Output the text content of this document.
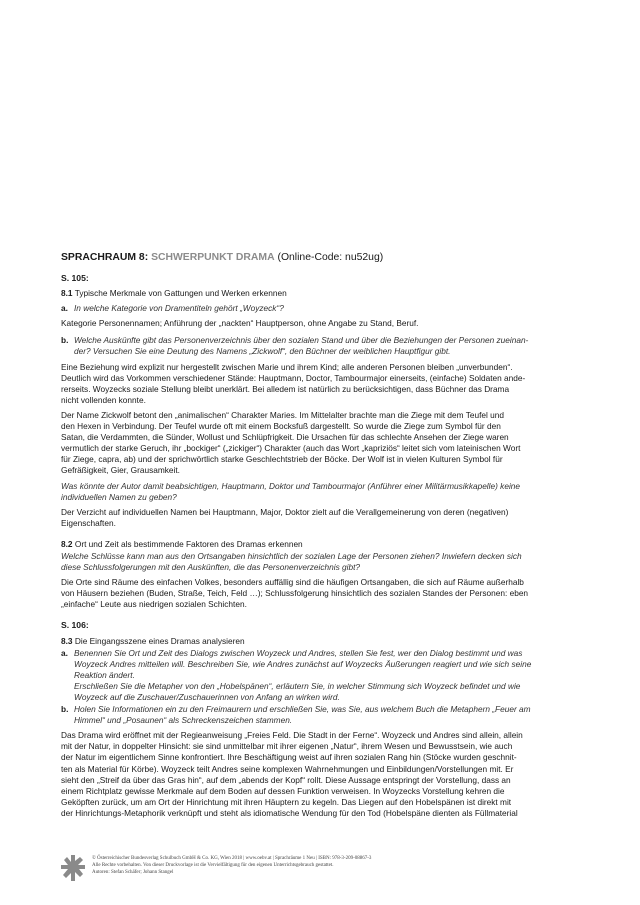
SPRACHRAUM 8: SCHWERPUNKT DRAMA (Online-Code: nu52ug)
S. 105:

8.1 Typische Merkmale von Gattungen und Werken erkennen

a. In welche Kategorie von Dramentiteln gehört „Woyzeck“?

Kategorie Personennamen; Anführung der „nackten“ Hauptperson, ohne Angabe zu Stand, Beruf.

b. Welche Auskünfte gibt das Personenverzeichnis über den sozialen Stand und über die Beziehungen der Personen zueinan-
der? Versuchen Sie eine Deutung des Namens „Zickwolf“, den Büchner der weiblichen Hauptfigur gibt.

Eine Beziehung wird explizit nur hergestellt zwischen Marie und ihrem Kind; alle anderen Personen bleiben „unverbunden“.
Deutlich wird das Vorkommen verschiedener Stände: Hauptmann, Doctor, Tambourmajor einerseits, (einfache) Soldaten ande-
rerseits. Woyzecks soziale Stellung bleibt unerklärt. Bei alledem ist natürlich zu berücksichtigen, dass Büchner das Drama
nicht vollenden konnte.

Der Name Zickwolf betont den „animalischen“ Charakter Maries. Im Mittelalter brachte man die Ziege mit dem Teufel und
den Hexen in Verbindung. Der Teufel wurde oft mit einem Bocksfuß dargestellt. So wurde die Ziege zum Symbol für den
Satan, die Verdammten, die Sünder, Wollust und Schlüpfrigkeit. Die Ursachen für das schlechte Ansehen der Ziege waren
vermutlich der starke Geruch, ihr „bockiger“ („zickiger“) Charakter (auch das Wort „kapriziös“ leitet sich vom lateinischen Wort
für Ziege, capra, ab) und der sprichwörtlich starke Geschlechtstrieb der Böcke. Der Wolf ist in vielen Kulturen Symbol für
Gefräßigkeit, Gier, Grausamkeit.

Was könnte der Autor damit beabsichtigen, Hauptmann, Doktor und Tambourmajor (Anführer einer Militärmusikkapelle) keine
individuellen Namen zu geben?

Der Verzicht auf individuellen Namen bei Hauptmann, Major, Doktor zielt auf die Verallgemeinerung von deren (negativen)
Eigenschaften.

8.2 Ort und Zeit als bestimmende Faktoren des Dramas erkennen

Welche Schlüsse kann man aus den Ortsangaben hinsichtlich der sozialen Lage der Personen ziehen? Inwiefern decken sich
diese Schlussfolgerungen mit den Auskünften, die das Personenverzeichnis gibt?

Die Orte sind Räume des einfachen Volkes, besonders auffällig sind die häufigen Ortsangaben, die sich auf Räume außerhalb
von Häusern beziehen (Buden, Straße, Teich, Feld …); Schlussfolgerung hinsichtlich des sozialen Standes der Personen: eben
„einfache“ Leute aus niedrigen sozialen Schichten.

S. 106:

8.3 Die Eingangsszene eines Dramas analysieren

a. Benennen Sie Ort und Zeit des Dialogs zwischen Woyzeck und Andres, stellen Sie fest, wer den Dialog bestimmt und was
Woyzeck Andres mitteilen will. Beschreiben Sie, wie Andres zunächst auf Woyzecks Äußerungen reagiert und wie sich seine
Reaktion ändert.
Erschließen Sie die Metapher von den „Hobelspänen“, erläutern Sie, in welcher Stimmung sich Woyzeck befindet und wie
Woyzeck auf die Zuschauer/Zuschauerinnen von Anfang an wirken wird.
b. Holen Sie Informationen ein zu den Freimaurern und erschließen Sie, was Sie, aus welchem Buch die Metaphern „Feuer am
Himmel“ und „Posaunen“ als Schreckenszeichen stammen.

Das Drama wird eröffnet mit der Regieanweisung „Freies Feld. Die Stadt in der Ferne“. Woyzeck und Andres sind allein, allein
mit der Natur, in doppelter Hinsicht: sie sind unmittelbar mit ihrer eigenen „Natur“, ihrem Wesen und Bewusstsein, wie auch
der Natur im eigentlichem Sinne konfrontiert. Ihre Beschäftigung weist auf ihren sozialen Rang hin (Stöcke wurden geschnit-
ten als Material für Körbe). Woyzeck teilt Andres seine komplexen Wahrnehmungen und Einbildungen/Vorstellungen mit. Er
sieht den „Streif da über das Gras hin“, auf dem „abends der Kopf“ rollt. Diese Aussage entspringt der Vorstellung, dass an
einem Richtplatz gewisse Merkmale auf dem Boden auf dessen Funktion verweisen. In Woyzecks Vorstellung kehren die
Geköpften zurück, um am Ort der Hinrichtung mit ihren Häuptern zu kegeln. Das Liegen auf den Hobelspänen ist direkt mit
der Hinrichtungs-Metaphorik verknüpft und steht als idiomatische Wendung für den Tod (Hobelspäne dienten als Füllmaterial

© Österreichischer Bundesverlag Schulbuch GmbH & Co. KG, Wien 2018 | www.oebv.at | Sprachräume 1 Neu | ISBN: 978-3-209-08867-3
Alle Rechte vorbehalten. Von dieser Druckvorlage ist die Vervielfältigung für den eigenen Unterrichtsgebrauch gestattet.
Autoren: Stefan Schäfer; Johann Stangel
